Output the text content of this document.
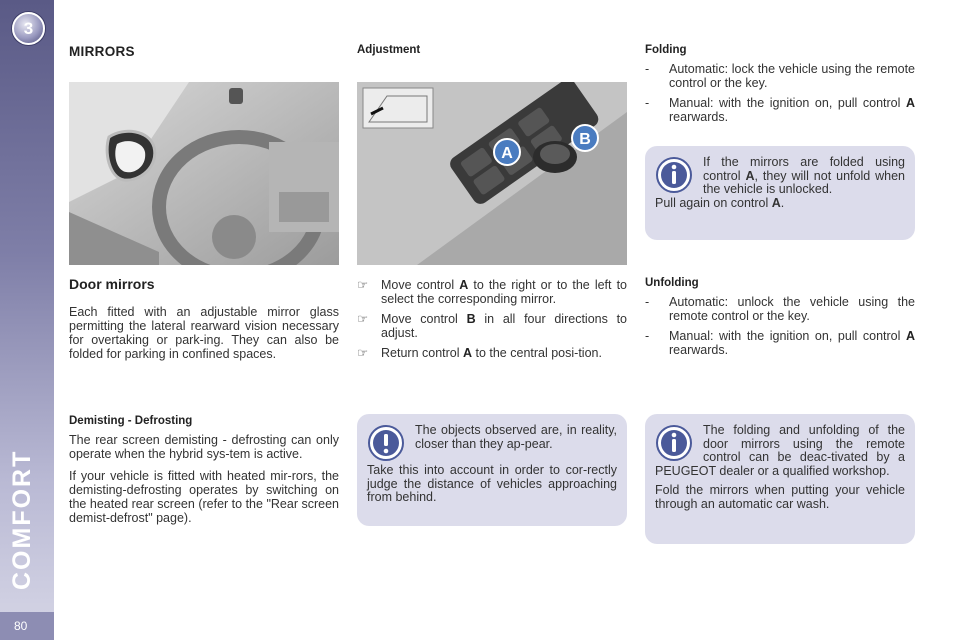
3
COMFORT
80
MIRRORS
Door mirrors

Each fitted with an adjustable mirror glass permitting the lateral rearward vision necessary for overtaking or park-ing. They can also be folded for parking in confined spaces.

Demisting - Defrosting

The rear screen demisting - defrosting can only operate when the hybrid sys-tem is active.

If your vehicle is fitted with heated mir-rors, the demisting-defrosting operates by switching on the heated rear screen (refer to the "Rear screen demist-defrost" page).

Adjustment
A
B
☞	Move control A to the right or to the left to select the corresponding mirror.
☞	Move control B in all four directions to adjust.
☞	Return control A to the central posi-tion.

The objects observed are, in reality, closer than they ap-pear.

Take this into account in order to cor-rectly judge the distance of vehicles approaching from behind.

Folding
-	Automatic: lock the vehicle using the remote control or the key.
-	Manual: with the ignition on, pull control A rearwards.

If the mirrors are folded using control A, they will not unfold when the vehicle is unlocked.

Pull again on control A.

Unfolding
-	Automatic: unlock the vehicle using the remote control or the key.
-	Manual: with the ignition on, pull control A rearwards.

The folding and unfolding of the door mirrors using the remote control can be deac-tivated by a PEUGEOT dealer or a qualified workshop.

Fold the mirrors when putting your vehicle through an automatic car wash.
